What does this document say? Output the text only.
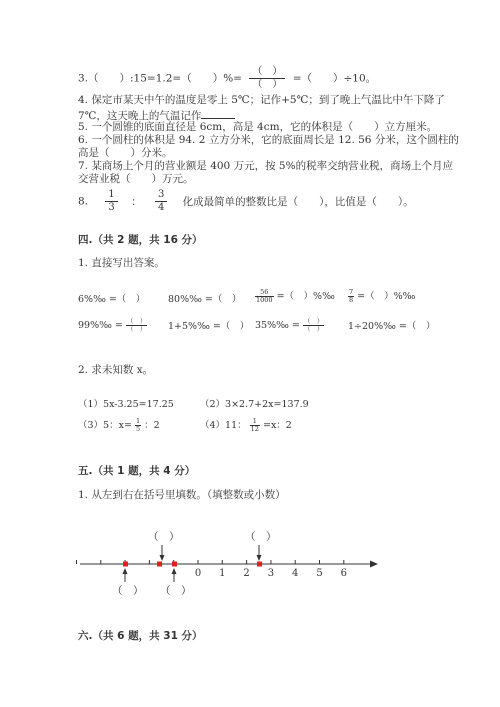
3.（　　）:15=1.2=（　　）%= $\frac{( )}{( )}$ =（　　）÷10。
4. 保定市某天中午的温度是零上 5℃；记作+5℃；到了晚上气温比中午下降了
7℃，这天晚上的气温记作
5. 一个圆锥的底面直径是 6cm，高是 4cm，它的体积是（　　）立方厘米。
6. 一个圆柱的体积是 94. 2 立方分米，它的底面周长是 12. 56 分米，这个圆柱的
高是（　　）分米。
7. 某商场上个月的营业额是 400 万元，按 5%的税率交纳营业税，商场上个月应
交营业税（　　）万元。
8. $\frac{1}{3}$ ： $\frac{3}{4}$ 化成最简单的整数比是（　　），比值是（　　）。
四.（共 2 题，共 16 分）
1. 直接写出答案。
6%‰ =（　） 80%‰ =（　） $\frac{56}{1000}$ =（　）%‰ $\frac{7}{8}$ =（　）%‰
99%‰ = $\frac{( )}{( )}$ 1+5%‰ =（　） 35%‰ = $\frac{( )}{( )}$ 1÷20%‰ =（　）
2. 求未知数 x。
（1）5x-3.25=17.25	（2）3×2.7+2x=137.9
（3）5：$x= \frac{1}{5}$ ：2	（4）11： $\frac{1}{12} =x$：2
五.（共 1 题，共 4 分）
1. 从左到右在括号里填数。（填整数或小数）
0 1 2 3 4 5 6
（　）	（　）
（　） （　）
六.（共 6 题，共 31 分）
